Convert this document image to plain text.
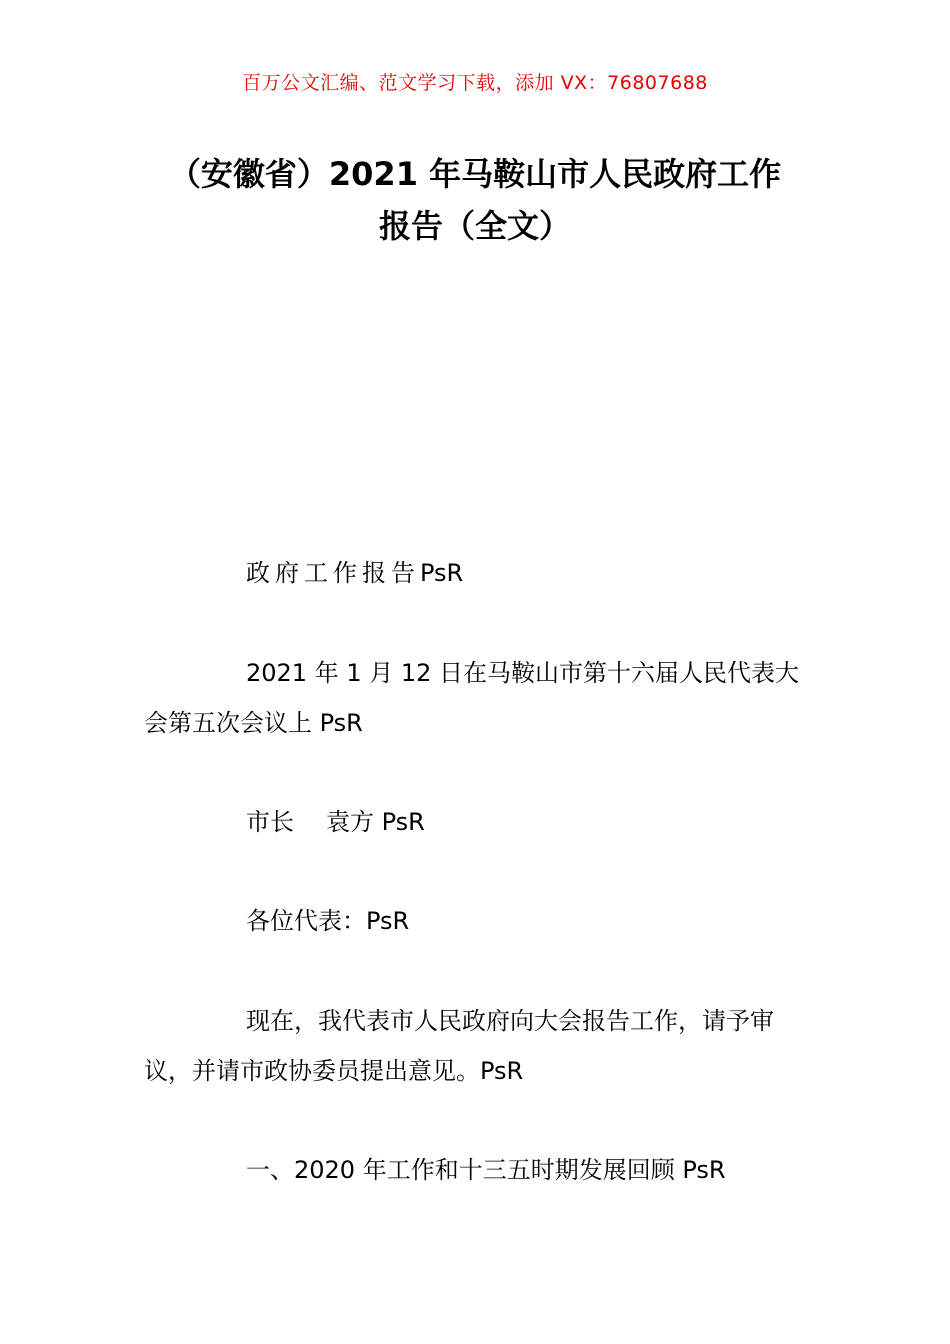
百万公文汇编、范文学习下载，添加 VX：76807688
（安徽省）2021 年马鞍山市人民政府工作
报告（全文）
政府工作报告PsR
2021 年 1 月 12 日在马鞍山市第十六届人民代表大会第五次会议上 PsR
市长 袁方 PsR
各位代表：PsR
现在，我代表市人民政府向大会报告工作，请予审议，并请市政协委员提出意见。PsR
一、2020 年工作和十三五时期发展回顾 PsR
